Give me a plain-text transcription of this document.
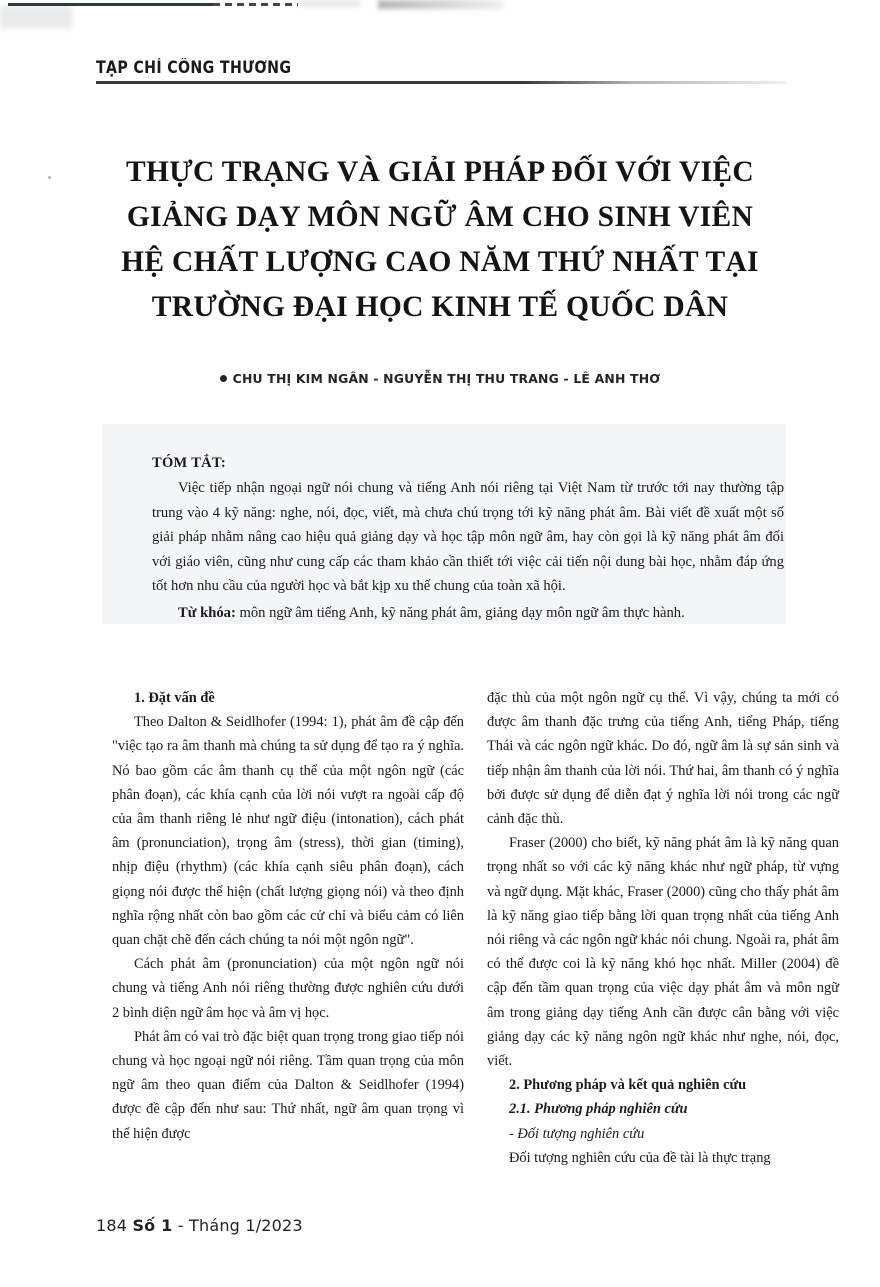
TẠP CHÍ CÔNG THƯƠNG
THỰC TRẠNG VÀ GIẢI PHÁP ĐỐI VỚI VIỆC
GIẢNG DẠY MÔN NGỮ ÂM CHO SINH VIÊN
HỆ CHẤT LƯỢNG CAO NĂM THỨ NHẤT TẠI
TRƯỜNG ĐẠI HỌC KINH TẾ QUỐC DÂN
CHU THỊ KIM NGÂN - NGUYỄN THỊ THU TRANG - LÊ ANH THƠ
TÓM TẮT:
Việc tiếp nhận ngoại ngữ nói chung và tiếng Anh nói riêng tại Việt Nam từ trước tới nay thường tập trung vào 4 kỹ năng: nghe, nói, đọc, viết, mà chưa chú trọng tới kỹ năng phát âm. Bài viết đề xuất một số giải pháp nhằm nâng cao hiệu quả giảng dạy và học tập môn ngữ âm, hay còn gọi là kỹ năng phát âm đối với giáo viên, cũng như cung cấp các tham khảo cần thiết tới việc cải tiến nội dung bài học, nhằm đáp ứng tốt hơn nhu cầu của người học và bắt kịp xu thế chung của toàn xã hội.
Từ khóa: môn ngữ âm tiếng Anh, kỹ năng phát âm, giảng dạy môn ngữ âm thực hành.

1. Đặt vấn đề

Theo Dalton & Seidlhofer (1994: 1), phát âm đề cập đến "việc tạo ra âm thanh mà chúng ta sử dụng để tạo ra ý nghĩa. Nó bao gồm các âm thanh cụ thể của một ngôn ngữ (các phân đoạn), các khía cạnh của lời nói vượt ra ngoài cấp độ của âm thanh riêng lẻ như ngữ điệu (intonation), cách phát âm (pronunciation), trọng âm (stress), thời gian (timing), nhịp điệu (rhythm) (các khía cạnh siêu phân đoạn), cách giọng nói được thể hiện (chất lượng giọng nói) và theo định nghĩa rộng nhất còn bao gồm các cử chỉ và biểu cảm có liên quan chặt chẽ đến cách chúng ta nói một ngôn ngữ".

Cách phát âm (pronunciation) của một ngôn ngữ nói chung và tiếng Anh nói riêng thường được nghiên cứu dưới 2 bình diện ngữ âm học và âm vị học.

Phát âm có vai trò đặc biệt quan trọng trong giao tiếp nói chung và học ngoại ngữ nói riêng. Tầm quan trọng của môn ngữ âm theo quan điểm của Dalton & Seidlhofer (1994) được đề cập đến như sau: Thứ nhất, ngữ âm quan trọng vì thể hiện được

đặc thù của một ngôn ngữ cụ thể. Vì vậy, chúng ta mới có được âm thanh đặc trưng của tiếng Anh, tiếng Pháp, tiếng Thái và các ngôn ngữ khác. Do đó, ngữ âm là sự sản sinh và tiếp nhận âm thanh của lời nói. Thứ hai, âm thanh có ý nghĩa bởi được sử dụng để diễn đạt ý nghĩa lời nói trong các ngữ cảnh đặc thù.

Fraser (2000) cho biết, kỹ năng phát âm là kỹ năng quan trọng nhất so với các kỹ năng khác như ngữ pháp, từ vựng và ngữ dụng. Mặt khác, Fraser (2000) cũng cho thấy phát âm là kỹ năng giao tiếp bằng lời quan trọng nhất của tiếng Anh nói riêng và các ngôn ngữ khác nói chung. Ngoài ra, phát âm có thể được coi là kỹ năng khó học nhất. Miller (2004) đề cập đến tầm quan trọng của việc dạy phát âm và môn ngữ âm trong giảng dạy tiếng Anh cần được cân bằng với việc giảng dạy các kỹ năng ngôn ngữ khác như nghe, nói, đọc, viết.

2. Phương pháp và kết quả nghiên cứu

2.1. Phương pháp nghiên cứu

- Đối tượng nghiên cứu

Đối tượng nghiên cứu của đề tài là thực trạng

184 Số 1 - Tháng 1/2023
